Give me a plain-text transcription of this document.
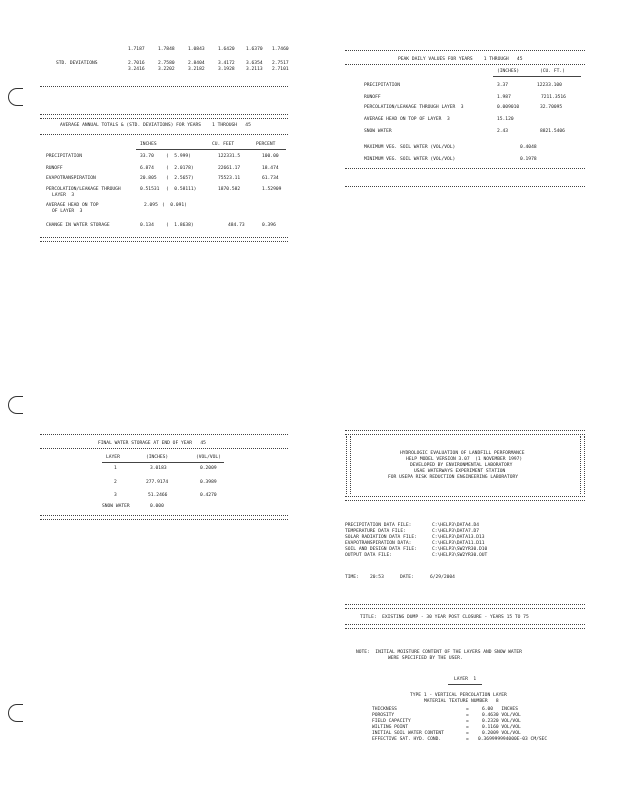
1.7187	1.7848	1.0843	1.6420 1.6370 1.7460
STD. DEVIATIONS	2.7016	2.7580	2.8404	3.4172 3.6354 2.7517
3.2416	3.2202	3.2182	3.1928 3.2113 2.7101
AVERAGE ANNUAL TOTALS & (STD. DEVIATIONS) FOR YEARS    1 THROUGH   45
INCHES	CU. FEET	PERCENT
PRECIPITATION	33.70	(  5.999)	122331.5	100.00
RUNOFF	6.874	(  2.0178)	22661.17	18.474
EVAPOTRANSPIRATION	20.805 (  2.5657)	75523.11	61.734
PERCOLATION/LEAKAGE THROUGH
LAYER  3
0.51531 (  0.58111)	1870.582	1.52909
AVERAGE HEAD ON TOP
OF LAYER  3
2.095 (  0.091)
CHANGE IN WATER STORAGE	0.134	(  1.8638)	484.73	0.396
PEAK DAILY VALUES FOR YEARS    1 THROUGH   45
(INCHES)	(CU. FT.)
PRECIPITATION	3.37	12233.100
RUNOFF	1.987	7211.3516
PERCOLATION/LEAKAGE THROUGH LAYER  3	0.009010	32.70095
AVERAGE HEAD ON TOP OF LAYER  3	15.120
SNOW WATER	2.43	8821.5406
MAXIMUM VEG. SOIL WATER (VOL/VOL)	0.4048
MINIMUM VEG. SOIL WATER (VOL/VOL)	0.1978
FINAL WATER STORAGE AT END OF YEAR   45
LAYER	(INCHES)	(VOL/VOL)
1	3.0183	0.2009
2	277.9174	0.3989
3	51.2466	0.4270
SNOW WATER	0.000
HYDROLOGIC EVALUATION OF LANDFILL PERFORMANCE
HELP MODEL VERSION 3.07  (1 NOVEMBER 1997)
DEVELOPED BY ENVIRONMENTAL LABORATORY
USAE WATERWAYS EXPERIMENT STATION
FOR USEPA RISK REDUCTION ENGINEERING LABORATORY
PRECIPITATION DATA FILE:	C:\HELP3\DATA4.D4
TEMPERATURE DATA FILE:	C:\HELP3\DATA7.D7
SOLAR RADIATION DATA FILE:	C:\HELP3\DATA13.D13
EVAPOTRANSPIRATION DATA:	C:\HELP3\DATA11.D11
SOIL AND DESIGN DATA FILE:	C:\HELP3\SW2YR30.D10
OUTPUT DATA FILE:	C:\HELP3\SW2YR30.OUT
TIME: 20:53	DATE:	6/29/2004
TITLE:  EXISTING DUMP - 30 YEAR POST CLOSURE - YEARS 15 TO 75
NOTE:  INITIAL MOISTURE CONTENT OF THE LAYERS AND SNOW WATER
WERE SPECIFIED BY THE USER.
LAYER  1
TYPE 1 - VERTICAL PERCOLATION LAYER
MATERIAL TEXTURE NUMBER   8
THICKNESS	=	6.00   INCHES
POROSITY	=	0.4630 VOL/VOL
FIELD CAPACITY	=	0.2320 VOL/VOL
WILTING POINT	=	0.1160 VOL/VOL
INITIAL SOIL WATER CONTENT	=	0.2009 VOL/VOL
EFFECTIVE SAT. HYD. COND.	= 0.369999994000E-03 CM/SEC
